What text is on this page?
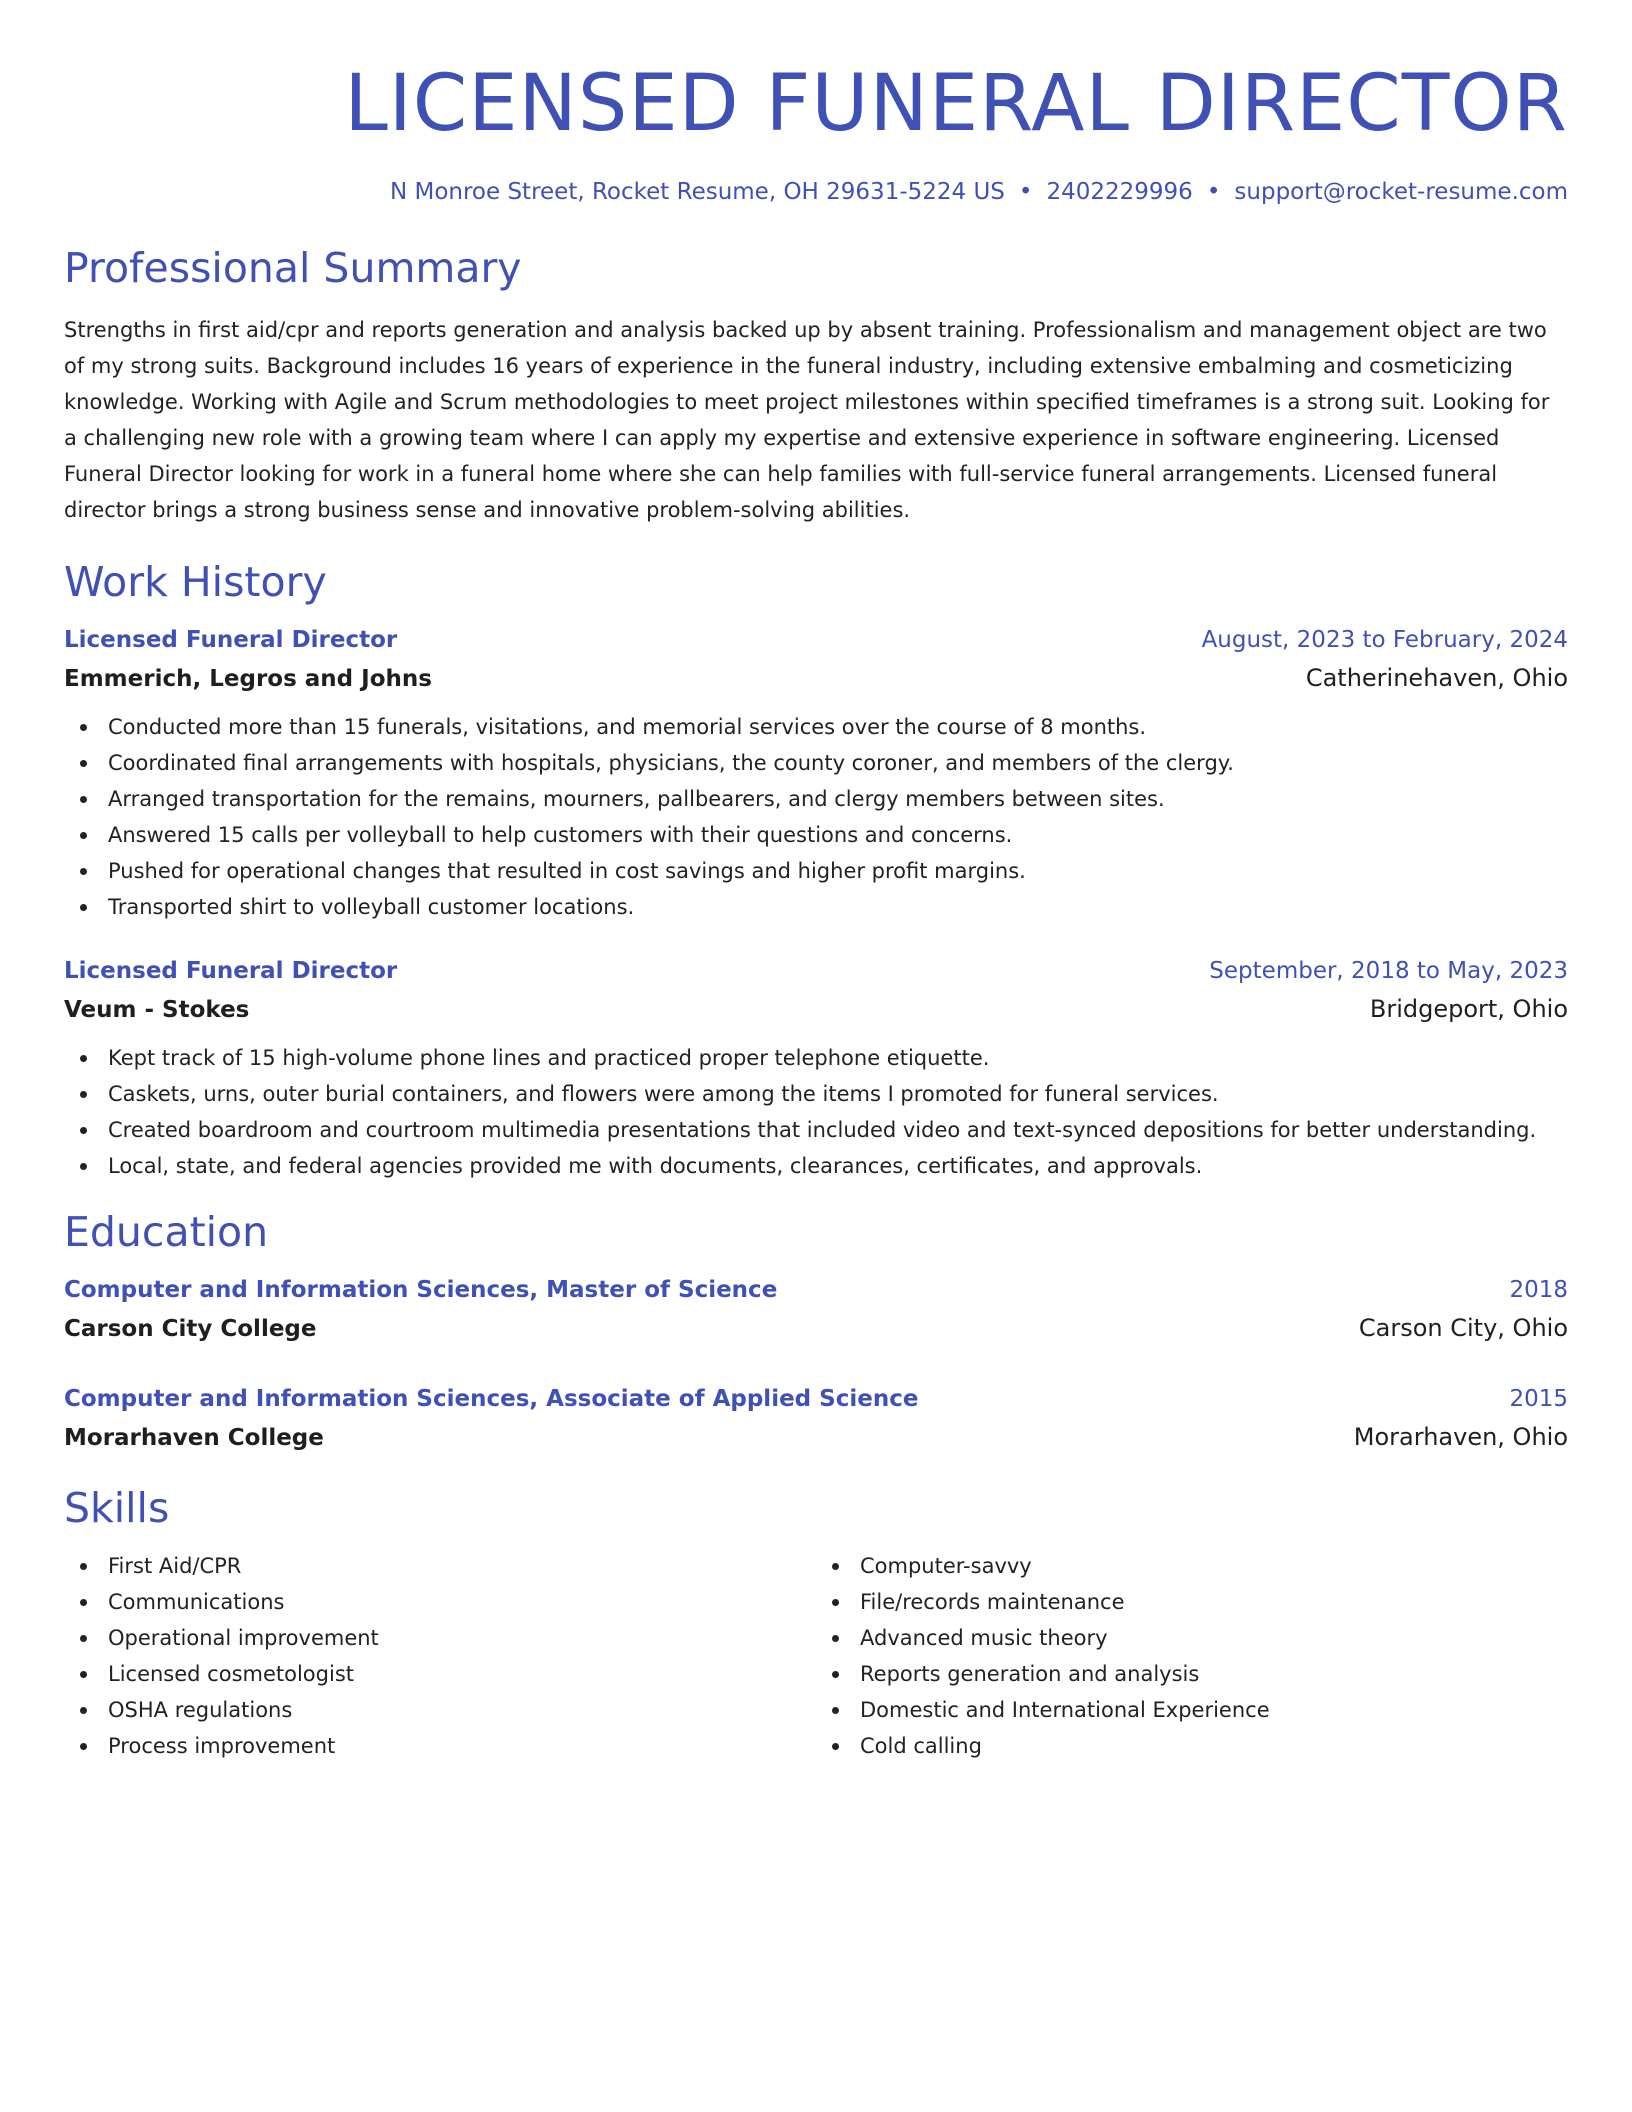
LICENSED FUNERAL DIRECTOR
N Monroe Street, Rocket Resume, OH 29631-5224 US • 2402229996 • support@rocket-resume.com
Professional Summary

Strengths in first aid/cpr and reports generation and analysis backed up by absent training. Professionalism and management object are two of my strong suits. Background includes 16 years of experience in the funeral industry, including extensive embalming and cosmeticizing knowledge. Working with Agile and Scrum methodologies to meet project milestones within specified timeframes is a strong suit. Looking for a challenging new role with a growing team where I can apply my expertise and extensive experience in software engineering. Licensed Funeral Director looking for work in a funeral home where she can help families with full-service funeral arrangements. Licensed funeral director brings a strong business sense and innovative problem-solving abilities.

Work History
Licensed Funeral Director	August, 2023 to February, 2024
Emmerich, Legros and Johns	Catherinehaven, Ohio
Conducted more than 15 funerals, visitations, and memorial services over the course of 8 months.
Coordinated final arrangements with hospitals, physicians, the county coroner, and members of the clergy.
Arranged transportation for the remains, mourners, pallbearers, and clergy members between sites.
Answered 15 calls per volleyball to help customers with their questions and concerns.
Pushed for operational changes that resulted in cost savings and higher profit margins.
Transported shirt to volleyball customer locations.
Licensed Funeral Director	September, 2018 to May, 2023
Veum - Stokes	Bridgeport, Ohio
Kept track of 15 high-volume phone lines and practiced proper telephone etiquette.
Caskets, urns, outer burial containers, and flowers were among the items I promoted for funeral services.
Created boardroom and courtroom multimedia presentations that included video and text-synced depositions for better understanding.
Local, state, and federal agencies provided me with documents, clearances, certificates, and approvals.
Education
Computer and Information Sciences, Master of Science	2018
Carson City College	Carson City, Ohio
Computer and Information Sciences, Associate of Applied Science	2015
Morarhaven College	Morarhaven, Ohio
Skills
First Aid/CPR
Communications
Operational improvement
Licensed cosmetologist
OSHA regulations
Process improvement
Computer-savvy
File/records maintenance
Advanced music theory
Reports generation and analysis
Domestic and International Experience
Cold calling
